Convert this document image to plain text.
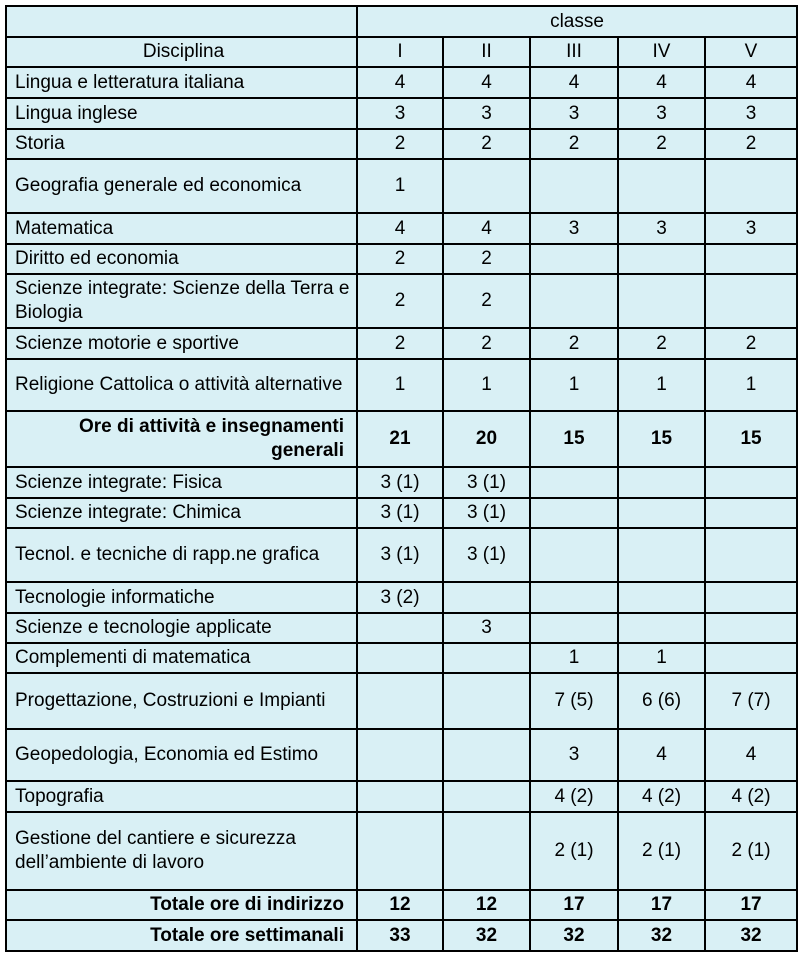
	classe				
Disciplina	I	II	III	IV	V
Lingua e letteratura italiana	4	4	4	4	4
Lingua inglese	3	3	3	3	3
Storia	2	2	2	2	2
Geografia generale ed economica	1				
Matematica	4	4	3	3	3
Diritto ed economia	2	2			
Scienze integrate: Scienze della Terra e Biologia	2	2			
Scienze motorie e sportive	2	2	2	2	2
Religione Cattolica o attività alternative	1	1	1	1	1
Ore di attività e insegnamenti generali	21	20	15	15	15
Scienze integrate: Fisica	3 (1)	3 (1)			
Scienze integrate: Chimica	3 (1)	3 (1)			
Tecnol. e tecniche di rapp.ne grafica	3 (1)	3 (1)			
Tecnologie informatiche	3 (2)				
Scienze e tecnologie applicate		3			
Complementi di matematica			1	1	
Progettazione, Costruzioni e Impianti			7 (5)	6 (6)	7 (7)
Geopedologia, Economia ed Estimo			3	4	4
Topografia			4 (2)	4 (2)	4 (2)
Gestione del cantiere e sicurezza dell’ambiente di lavoro			2 (1)	2 (1)	2 (1)
Totale ore di indirizzo	12	12	17	17	17
Totale ore settimanali	33	32	32	32	32
